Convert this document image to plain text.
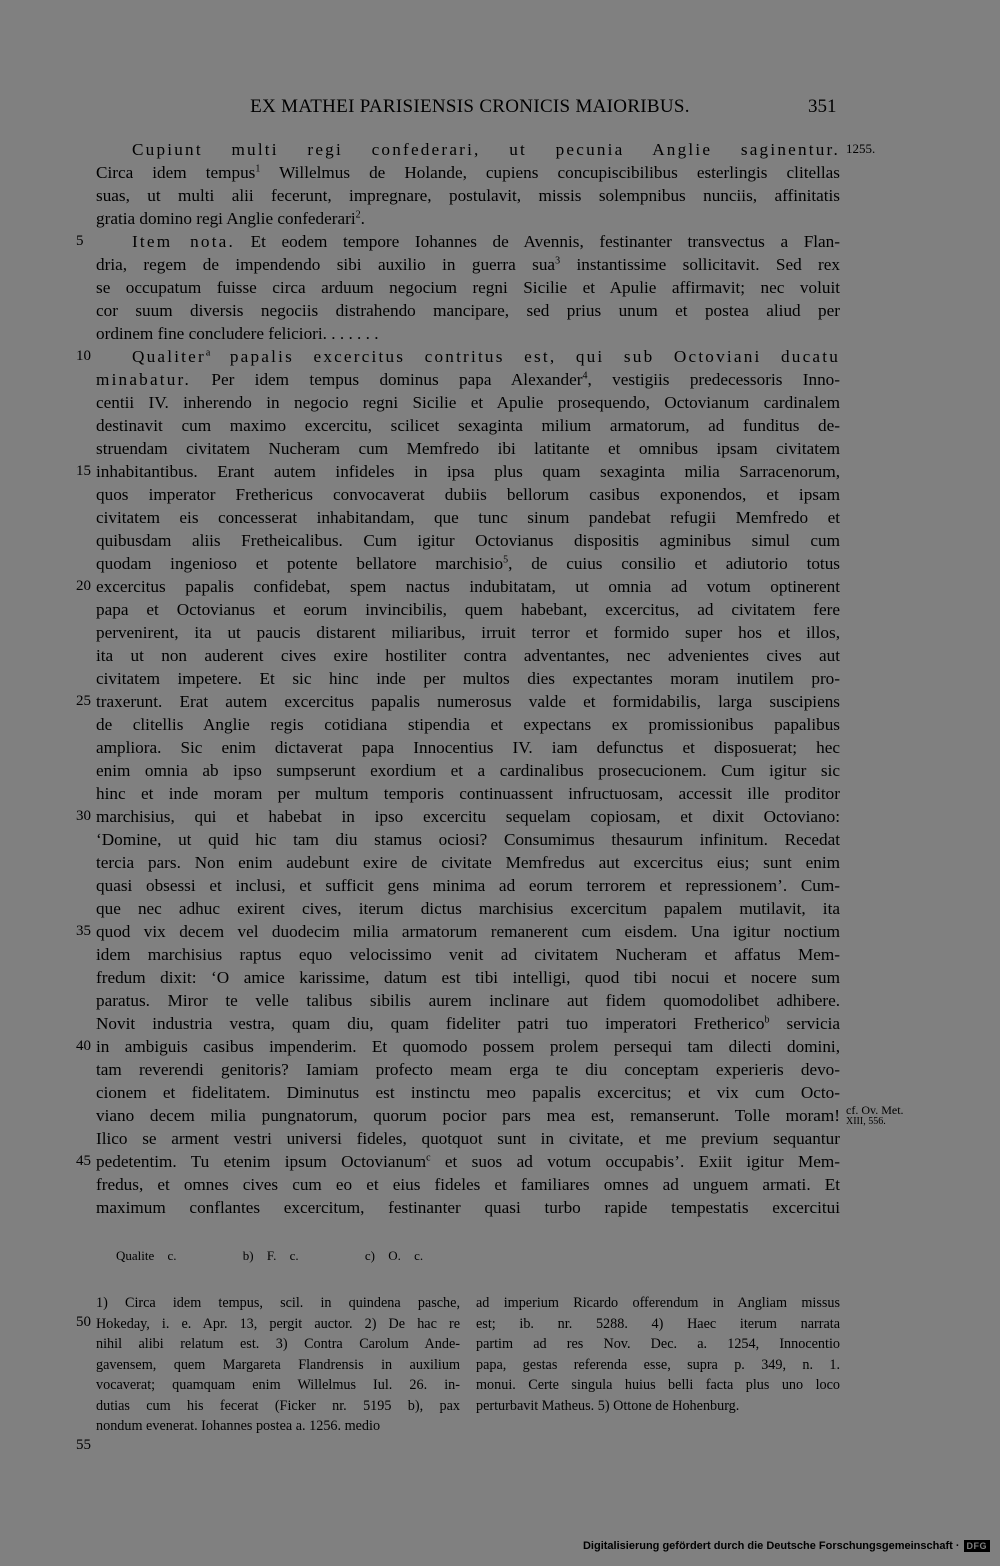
EX MATHEI PARISIENSIS CRONICIS MAIORIBUS.	351
1255.
cf. Ov. Met.
XIII, 556.
5
10
15
20
25
30
35
40
45
50
55
Cupiunt multi regi confederari, ut pecunia Anglie saginentur.
Circa idem tempus$^1$ Willelmus de Holande, cupiens concupiscibilibus esterlingis clitellas
suas, ut multi alii fecerunt, impregnare, postulavit, missis solempnibus nunciis, affinitatis
gratia domino regi Anglie confederari$^2$.
Item nota. Et eodem tempore Iohannes de Avennis, festinanter transvectus a Flan-
dria, regem de impendendo sibi auxilio in guerra sua$^3$ instantissime sollicitavit. Sed rex
se occupatum fuisse circa arduum negocium regni Sicilie et Apulie affirmavit; nec voluit
cor suum diversis negociis distrahendo mancipare, sed prius unum et postea aliud per
ordinem fine concludere feliciori. . . . . . .
Qualiter$^a$ papalis excercitus contritus est, qui sub Octoviani ducatu
minabatur. Per idem tempus dominus papa Alexander$^4$, vestigiis predecessoris Inno-
centii IV. inherendo in negocio regni Sicilie et Apulie prosequendo, Octovianum cardinalem
destinavit cum maximo excercitu, scilicet sexaginta milium armatorum, ad funditus de-
struendam civitatem Nucheram cum Memfredo ibi latitante et omnibus ipsam civitatem
inhabitantibus. Erant autem infideles in ipsa plus quam sexaginta milia Sarracenorum,
quos imperator Frethericus convocaverat dubiis bellorum casibus exponendos, et ipsam
civitatem eis concesserat inhabitandam, que tunc sinum pandebat refugii Memfredo et
quibusdam aliis Fretheicalibus. Cum igitur Octovianus dispositis agminibus simul cum
quodam ingenioso et potente bellatore marchisio$^5$, de cuius consilio et adiutorio totus
excercitus papalis confidebat, spem nactus indubitatam, ut omnia ad votum optinerent
papa et Octovianus et eorum invincibilis, quem habebant, excercitus, ad civitatem fere
pervenirent, ita ut paucis distarent miliaribus, irruit terror et formido super hos et illos,
ita ut non auderent cives exire hostiliter contra adventantes, nec advenientes cives aut
civitatem impetere. Et sic hinc inde per multos dies expectantes moram inutilem pro-
traxerunt. Erat autem excercitus papalis numerosus valde et formidabilis, larga suscipiens
de clitellis Anglie regis cotidiana stipendia et expectans ex promissionibus papalibus
ampliora. Sic enim dictaverat papa Innocentius IV. iam defunctus et disposuerat; hec
enim omnia ab ipso sumpserunt exordium et a cardinalibus prosecucionem. Cum igitur sic
hinc et inde moram per multum temporis continuassent infructuosam, accessit ille proditor
marchisius, qui et habebat in ipso excercitu sequelam copiosam, et dixit Octoviano:
‘Domine, ut quid hic tam diu stamus ociosi? Consumimus thesaurum infinitum. Recedat
tercia pars. Non enim audebunt exire de civitate Memfredus aut excercitus eius; sunt enim
quasi obsessi et inclusi, et sufficit gens minima ad eorum terrorem et repressionem’. Cum-
que nec adhuc exirent cives, iterum dictus marchisius excercitum papalem mutilavit, ita
quod vix decem vel duodecim milia armatorum remanerent cum eisdem. Una igitur noctium
idem marchisius raptus equo velocissimo venit ad civitatem Nucheram et affatus Mem-
fredum dixit: ‘O amice karissime, datum est tibi intelligi, quod tibi nocui et nocere sum
paratus. Miror te velle talibus sibilis aurem inclinare aut fidem quomodolibet adhibere.
Novit industria vestra, quam diu, quam fideliter patri tuo imperatori Fretherico$^b$ servicia
in ambiguis casibus impenderim. Et quomodo possem prolem persequi tam dilecti domini,
tam reverendi genitoris? Iamiam profecto meam erga te diu conceptam experieris devo-
cionem et fidelitatem. Diminutus est instinctu meo papalis excercitus; et vix cum Octo-
viano decem milia pungnatorum, quorum pocior pars mea est, remanserunt. Tolle moram!
Ilico se arment vestri universi fideles, quotquot sunt in civitate, et me previum sequantur
pedetentim. Tu etenim ipsum Octovianum$^c$ et suos ad votum occupabis’. Exiit igitur Mem-
fredus, et omnes cives cum eo et eius fideles et familiares omnes ad unguem armati. Et
maximum conflantes excercitum, festinanter quasi turbo rapide tempestatis excercitui
Qualite c.	b) F. c.	c) O. c.
1) Circa idem tempus, scil. in quindena pasche,
Hokeday, i. e. Apr. 13, pergit auctor. 2) De hac re
nihil alibi relatum est. 3) Contra Carolum Ande-
gavensem, quem Margareta Flandrensis in auxilium
vocaverat; quamquam enim Willelmus Iul. 26. in-
dutias cum his fecerat (Ficker nr. 5195 b), pax
nondum evenerat. Iohannes postea a. 1256. medio
ad imperium Ricardo offerendum in Angliam missus
est; ib. nr. 5288. 4) Haec iterum narrata
partim ad res Nov. Dec. a. 1254, Innocentio
papa, gestas referenda esse, supra p. 349, n. 1.
monui. Certe singula huius belli facta plus uno loco
perturbavit Matheus. 5) Ottone de Hohenburg.
Digitalisierung gefördert durch die Deutsche Forschungsgemeinschaft · DFG
